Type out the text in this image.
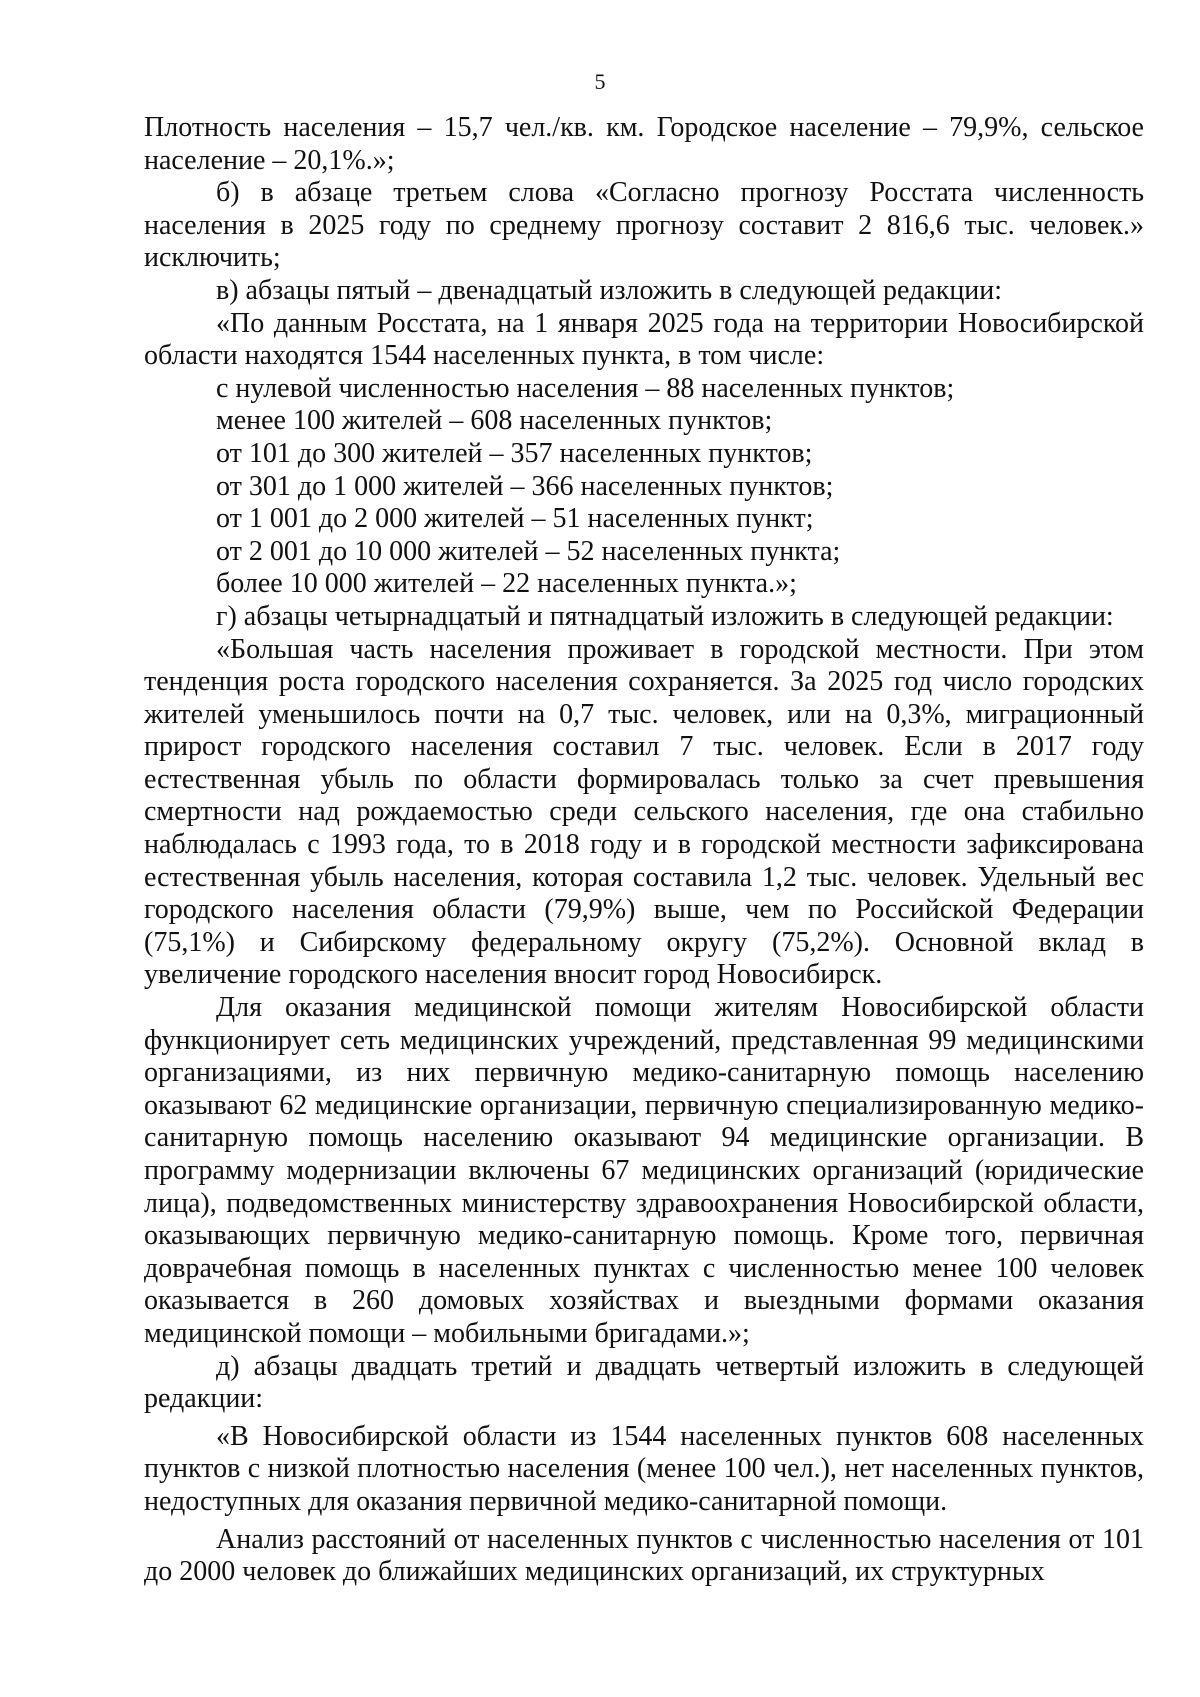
5

Плотность населения – 15,7 чел./кв. км. Городское население – 79,9%, сельское население – 20,1%.»;

б) в абзаце третьем слова «Согласно прогнозу Росстата численность населения в 2025 году по среднему прогнозу составит 2 816,6 тыс. человек.» исключить;

в) абзацы пятый – двенадцатый изложить в следующей редакции:

«По данным Росстата, на 1 января 2025 года на территории Новосибирской области находятся 1544 населенных пункта, в том числе:

с нулевой численностью населения – 88 населенных пунктов;

менее 100 жителей – 608 населенных пунктов;

от 101 до 300 жителей – 357 населенных пунктов;

от 301 до 1 000 жителей – 366 населенных пунктов;

от 1 001 до 2 000 жителей – 51 населенных пункт;

от 2 001 до 10 000 жителей – 52 населенных пункта;

более 10 000 жителей – 22 населенных пункта.»;

г) абзацы четырнадцатый и пятнадцатый изложить в следующей редакции:

«Большая часть населения проживает в городской местности. При этом тенденция роста городского населения сохраняется. За 2025 год число городских жителей уменьшилось почти на 0,7 тыс. человек, или на 0,3%, миграционный прирост городского населения составил 7 тыс. человек. Если в 2017 году естественная убыль по области формировалась только за счет превышения смертности над рождаемостью среди сельского населения, где она стабильно наблюдалась с 1993 года, то в 2018 году и в городской местности зафиксирована естественная убыль населения, которая составила 1,2 тыс. человек. Удельный вес городского населения области (79,9%) выше, чем по Российской Федерации (75,1%) и Сибирскому федеральному округу (75,2%). Основной вклад в увеличение городского населения вносит город Новосибирск.

Для оказания медицинской помощи жителям Новосибирской области функционирует сеть медицинских учреждений, представленная 99 медицинскими организациями, из них первичную медико-санитарную помощь населению оказывают 62 медицинские организации, первичную специализированную медико-санитарную помощь населению оказывают 94 медицинские организации. В программу модернизации включены 67 медицинских организаций (юридические лица), подведомственных министерству здравоохранения Новосибирской области, оказывающих первичную медико-санитарную помощь. Кроме того, первичная доврачебная помощь в населенных пунктах с численностью менее 100 человек оказывается в 260 домовых хозяйствах и выездными формами оказания медицинской помощи – мобильными бригадами.»;

д) абзацы двадцать третий и двадцать четвертый изложить в следующей редакции:

«В Новосибирской области из 1544 населенных пунктов 608 населенных пунктов с низкой плотностью населения (менее 100 чел.), нет населенных пунктов, недоступных для оказания первичной медико-санитарной помощи.

Анализ расстояний от населенных пунктов с численностью населения от 101 до 2000 человек до ближайших медицинских организаций, их структурных
